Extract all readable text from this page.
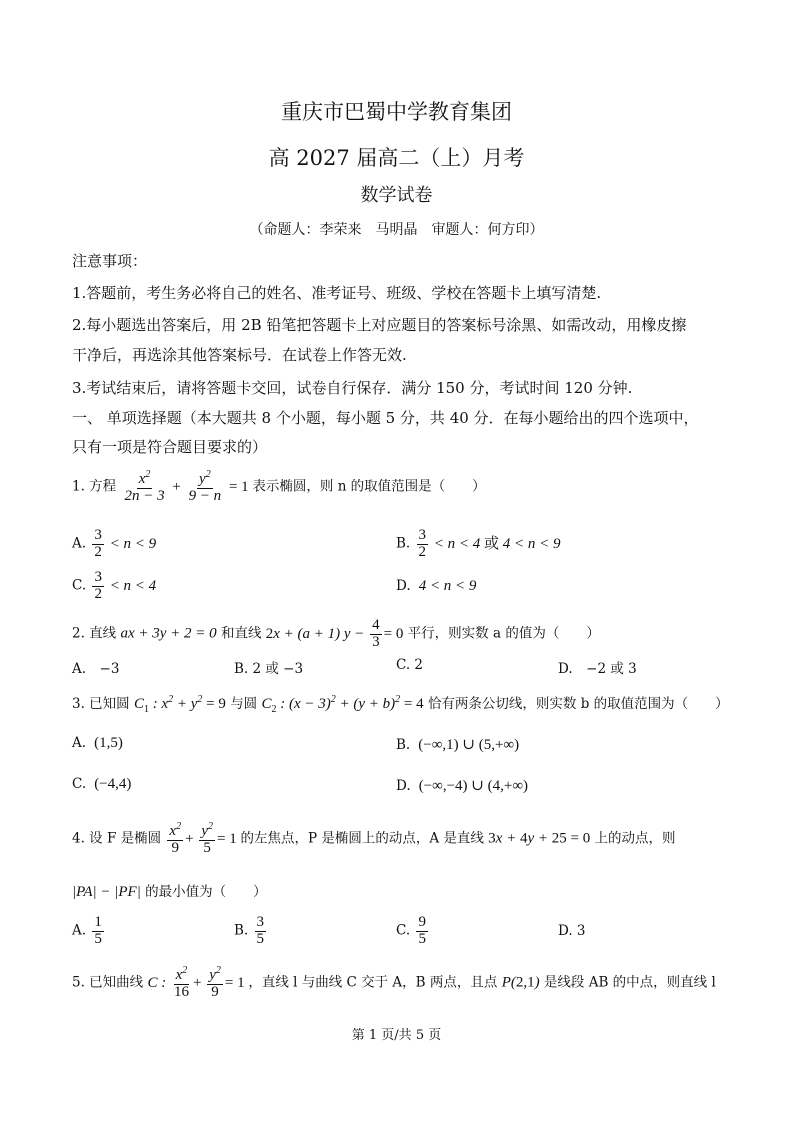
重庆市巴蜀中学教育集团
高 2027 届高二（上）月考
数学试卷
（命题人：李荣来　马明晶　审题人：何方印）
注意事项：
1.答题前，考生务必将自己的姓名、准考证号、班级、学校在答题卡上填写清楚.
2.每小题选出答案后，用 2B 铅笔把答题卡上对应题目的答案标号涂黑、如需改动，用橡皮擦
干净后，再选涂其他答案标号．在试卷上作答无效.
3.考试结束后，请将答题卡交回，试卷自行保存．满分 150 分，考试时间 120 分钟.
一、 单项选择题（本大题共 8 个小题，每小题 5 分，共 40 分．在每小题给出的四个选项中，
只有一项是符合题目要求的）
1. 方程 $\frac{x^2}{2n - 3} + \frac{y^2}{9 - n} = 1$ 表示椭圆，则 n 的取值范围是（　　）
A. $\frac{3}{2} < n < 9$	B. $\frac{3}{2} < n < 4$ 或 4 < n < 9
C. $\frac{3}{2} < n < 4$	D.  4 < n < 9
2. 直线 ax + 3y + 2 = 0 和直线 2x + (a + 1) $y - \frac{4}{3} = 0$ 平行，则实数 a 的值为（　　）
A.　−3	B. 2 或 −3	C. 2	D.　−2 或 3
3. 已知圆 $C_1$ : $x^2 + y^2 = 9$ 与圆 $C_2$ : $(x - 3)^2 + (y + b)^2 = 4$ 恰有两条公切线，则实数 b 的取值范围为（　　）
A.  (1,5)	B.  (−∞,1) ∪ (5,+∞)
C.  (−4,4)	D.  (−∞,−4) ∪ (4,+∞)
4. 设 F 是椭圆 $\frac{x^2}{9} + \frac{y^2}{5} = 1$ 的左焦点，P 是椭圆上的动点，A 是直线 3x + 4y + 25 = 0 上的动点，则
|PA| − |PF| 的最小值为（　　）
A. $\frac{1}{5}$	B. $\frac{3}{5}$	C. $\frac{9}{5}$	D. 3
5. 已知曲线 C : $\frac{x^2}{16} + \frac{y^2}{9} = 1$ ，直线 l 与曲线 C 交于 A，B 两点，且点 P(2,1) 是线段 AB 的中点，则直线 l
第 1 页/共 5 页
